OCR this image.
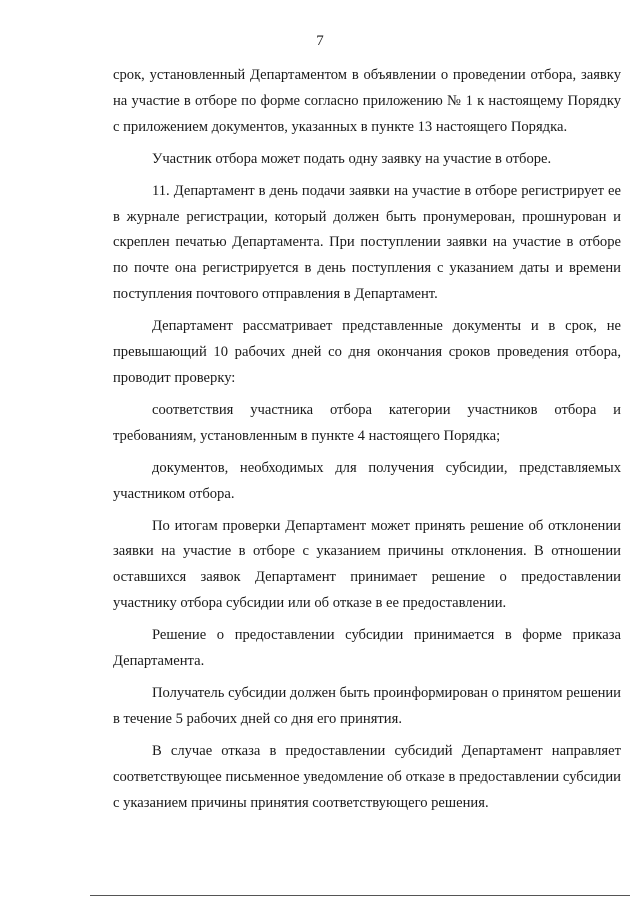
7

срок, установленный Департаментом в объявлении о проведении отбора, заявку на участие в отборе по форме согласно приложению № 1 к настоящему Порядку с приложением документов, указанных в пункте 13 настоящего Порядка.

Участник отбора может подать одну заявку на участие в отборе.

11. Департамент в день подачи заявки на участие в отборе регистрирует ее в журнале регистрации, который должен быть пронумерован, прошнурован и скреплен печатью Департамента. При поступлении заявки на участие в отборе по почте она регистрируется в день поступления с указанием даты и времени поступления почтового отправления в Департамент.

Департамент рассматривает представленные документы и в срок, не превышающий 10 рабочих дней со дня окончания сроков проведения отбора, проводит проверку:

соответствия участника отбора категории участников отбора и требованиям, установленным в пункте 4 настоящего Порядка;

документов, необходимых для получения субсидии, представляемых участником отбора.

По итогам проверки Департамент может принять решение об отклонении заявки на участие в отборе с указанием причины отклонения. В отношении оставшихся заявок Департамент принимает решение о предоставлении участнику отбора субсидии или об отказе в ее предоставлении.

Решение о предоставлении субсидии принимается в форме приказа Департамента.

Получатель субсидии должен быть проинформирован о принятом решении в течение 5 рабочих дней со дня его принятия.

В случае отказа в предоставлении субсидий Департамент направляет соответствующее письменное уведомление об отказе в предоставлении субсидии с указанием причины принятия соответствующего решения.
